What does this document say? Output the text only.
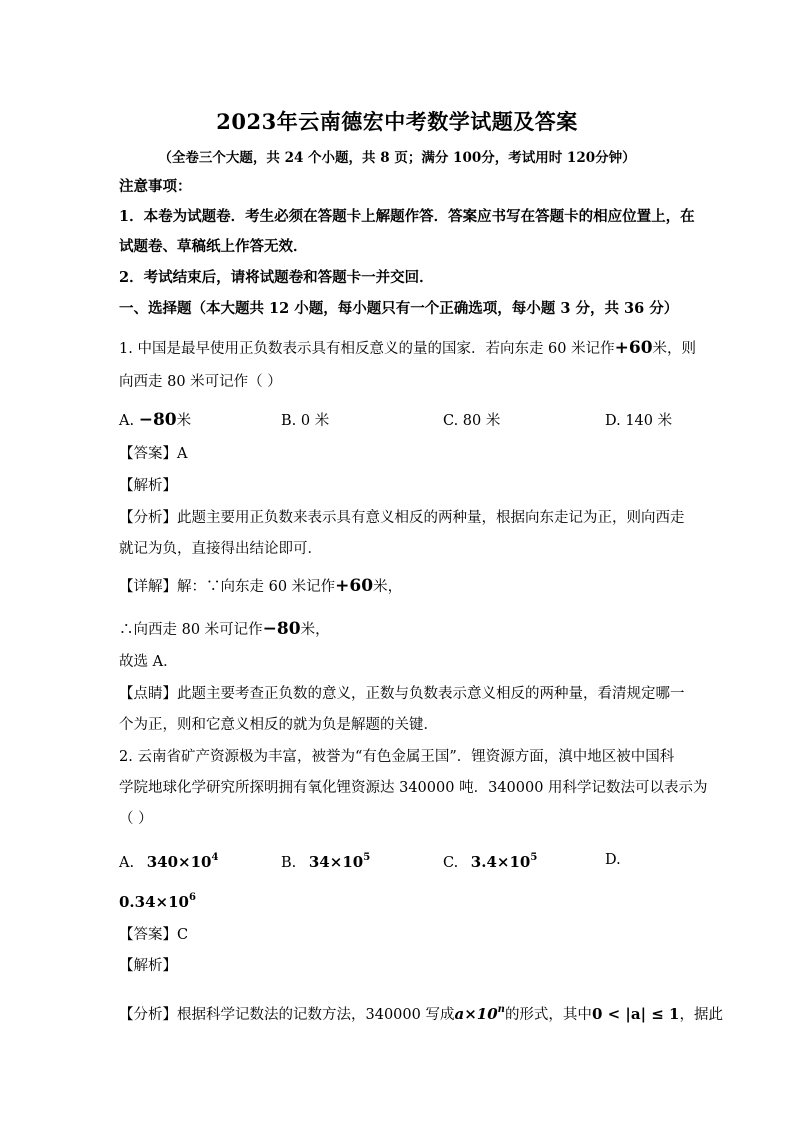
2023年云南德宏中考数学试题及答案
（全卷三个大题，共 24 个小题，共 8 页；满分 100分，考试用时 120分钟）
注意事项：
1．本卷为试题卷．考生必须在答题卡上解题作答．答案应书写在答题卡的相应位置上，在
试题卷、草稿纸上作答无效．
2．考试结束后，请将试题卷和答题卡一并交回．
一、选择题（本大题共 12 小题，每小题只有一个正确选项，每小题 3 分，共 36 分）
1. 中国是最早使用正负数表示具有相反意义的量的国家．若向东走 60 米记作+60米，则
向西走 80 米可记作（ ）
A. −80米	B. 0 米	C. 80 米	D. 140 米
【答案】A
【解析】
【分析】此题主要用正负数来表示具有意义相反的两种量，根据向东走记为正，则向西走
就记为负，直接得出结论即可．
【详解】解：∵向东走 60 米记作+60米，
∴向西走 80 米可记作−80米，
故选 A．
【点睛】此题主要考查正负数的意义，正数与负数表示意义相反的两种量，看清规定哪一
个为正，则和它意义相反的就为负是解题的关键．
2. 云南省矿产资源极为丰富，被誉为“有色金属王国”．锂资源方面，滇中地区被中国科
学院地球化学研究所探明拥有氧化锂资源达 340000 吨．340000 用科学记数法可以表示为
（ ）
A. $340\times 10^4$	B. $34\times 10^5$	C. $3.4\times 10^5$	D.
$0.34\times 10^6$
【答案】C
【解析】
【分析】根据科学记数法的记数方法，340000 写成$a\times 10^n$的形式，其中0 < |a| ≤ 1，据此
